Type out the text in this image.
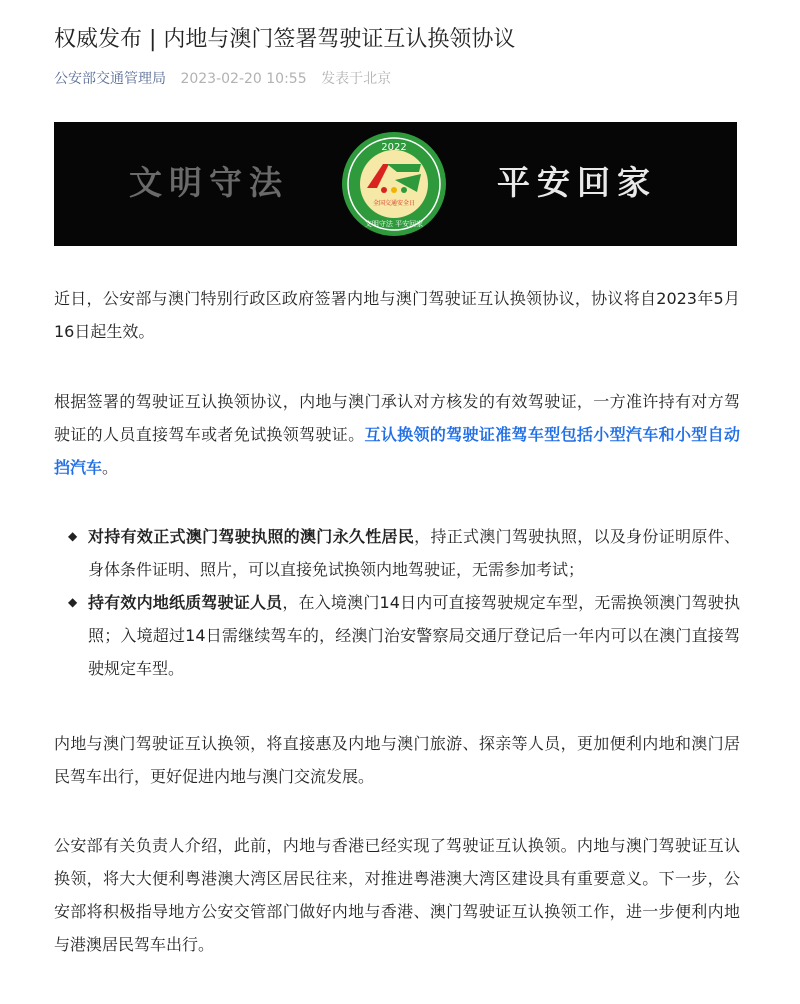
权威发布 | 内地与澳门签署驾驶证互认换领协议
公安部交通管理局 2023-02-20 10:55 发表于北京
文明守法
2022
全国交通安全日
文明守法 平安回家
平安回家

近日，公安部与澳门特别行政区政府签署内地与澳门驾驶证互认换领协议，协议将自2023年5月16日起生效。

根据签署的驾驶证互认换领协议，内地与澳门承认对方核发的有效驾驶证，一方准许持有对方驾驶证的人员直接驾车或者免试换领驾驶证。互认换领的驾驶证准驾车型包括小型汽车和小型自动挡汽车。

◆ 对持有效正式澳门驾驶执照的澳门永久性居民，持正式澳门驾驶执照，以及身份证明原件、身体条件证明、照片，可以直接免试换领内地驾驶证，无需参加考试；

◆ 持有效内地纸质驾驶证人员，在入境澳门14日内可直接驾驶规定车型，无需换领澳门驾驶执照；入境超过14日需继续驾车的，经澳门治安警察局交通厅登记后一年内可以在澳门直接驾驶规定车型。

内地与澳门驾驶证互认换领，将直接惠及内地与澳门旅游、探亲等人员，更加便利内地和澳门居民驾车出行，更好促进内地与澳门交流发展。

公安部有关负责人介绍，此前，内地与香港已经实现了驾驶证互认换领。内地与澳门驾驶证互认换领，将大大便利粤港澳大湾区居民往来，对推进粤港澳大湾区建设具有重要意义。下一步，公安部将积极指导地方公安交管部门做好内地与香港、澳门驾驶证互认换领工作，进一步便利内地与港澳居民驾车出行。
